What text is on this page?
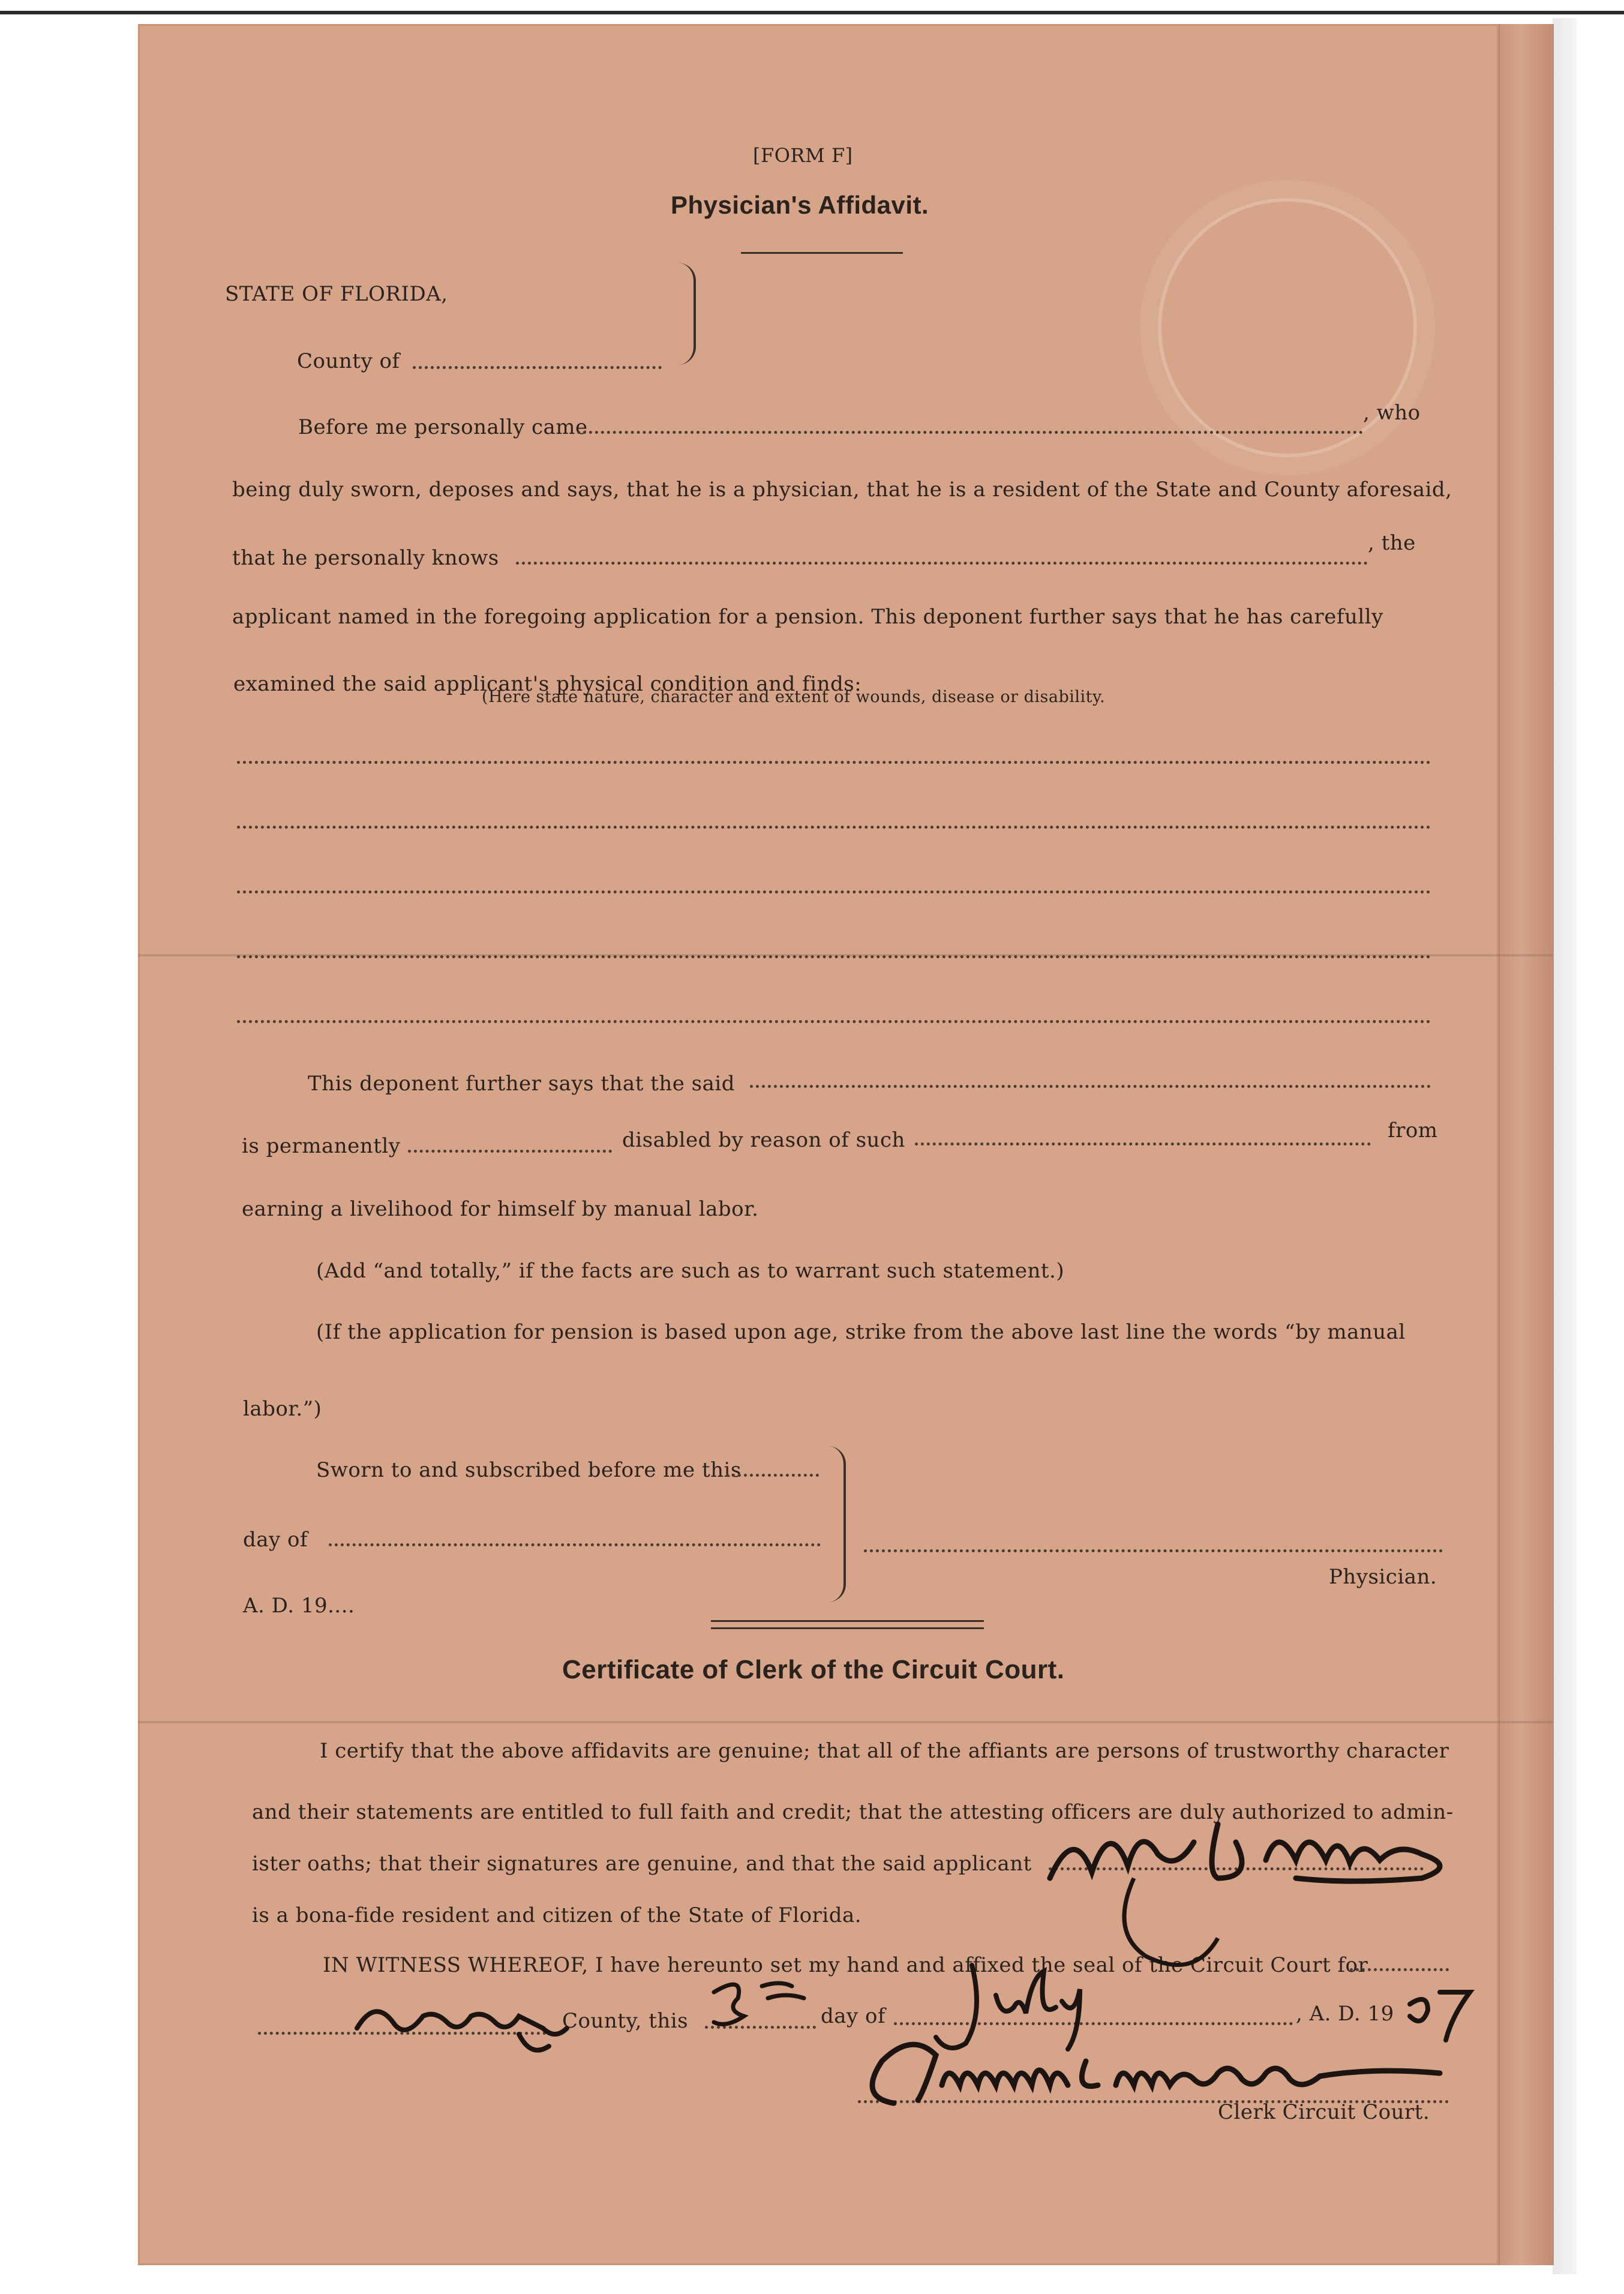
[FORM F]
Physician's Affidavit.
STATE OF FLORIDA,
County of
Before me personally came
, who
being duly sworn, deposes and says, that he is a physician, that he is a resident of the State and County aforesaid,
that he personally knows
, the
applicant named in the foregoing application for a pension. This deponent further says that he has carefully
examined the said applicant's physical condition and finds:
(Here state nature, character and extent of wounds, disease or disability.
This deponent further says that the said
is permanently	disabled by reason of such	from
earning a livelihood for himself by manual labor.
(Add “and totally,” if the facts are such as to warrant such statement.)
(If the application for pension is based upon age, strike from the above last line the words “by manual
labor.”)
Sworn to and subscribed before me this
day of
A. D. 19....
Physician.
Certificate of Clerk of the Circuit Court.
I certify that the above affidavits are genuine; that all of the affiants are persons of trustworthy character
and their statements are entitled to full faith and credit; that the attesting officers are duly authorized to admin-
ister oaths; that their signatures are genuine, and that the said applicant
is a bona-fide resident and citizen of the State of Florida.
IN WITNESS WHEREOF, I have hereunto set my hand and affixed the seal of the Circuit Court for
County, this	day of	, A. D. 19
Clerk Circuit Court.
